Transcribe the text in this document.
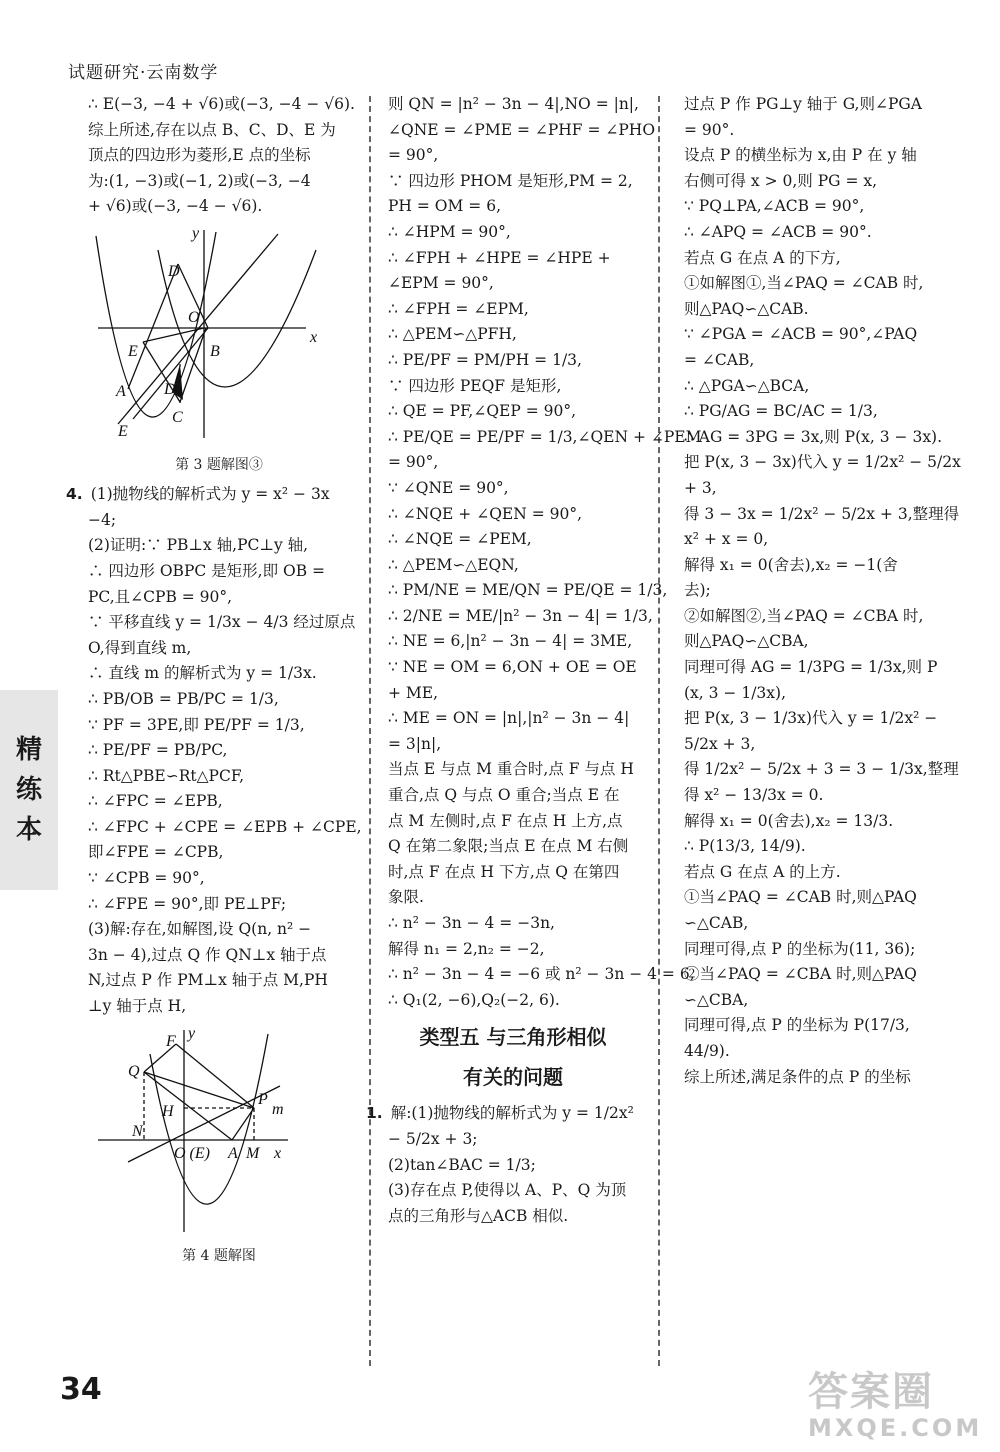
试题研究·云南数学
∴ E(−3, −4 + √6)或(−3, −4 − √6).
综上所述,存在以点 B、C、D、E 为
顶点的四边形为菱形,E 点的坐标
为:(1, −3)或(−1, 2)或(−3, −4
+ √6)或(−3, −4 − √6).
y
x
D
O
E	B
A D
C
E
第 3 题解图③
4. (1)抛物线的解析式为 y = x² − 3x
−4;
(2)证明:∵ PB⊥x 轴,PC⊥y 轴,
∴ 四边形 OBPC 是矩形,即 OB =
PC,且∠CPB = 90°,
∵ 平移直线 y = 1/3x − 4/3 经过原点
O,得到直线 m,
∴ 直线 m 的解析式为 y = 1/3x.
∴ PB/OB = PB/PC = 1/3,
∵ PF = 3PE,即 PE/PF = 1/3,
∴ PE/PF = PB/PC,
∴ Rt△PBE∽Rt△PCF,
∴ ∠FPC = ∠EPB,
∴ ∠FPC + ∠CPE = ∠EPB + ∠CPE,
即∠FPE = ∠CPB,
∵ ∠CPB = 90°,
∴ ∠FPE = 90°,即 PE⊥PF;
(3)解:存在,如解图,设 Q(n, n² −
3n − 4),过点 Q 作 QN⊥x 轴于点
N,过点 P 作 PM⊥x 轴于点 M,PH
⊥y 轴于点 H,
y
F
Q
H
P
m
N
O (E) A M x
第 4 题解图
则 QN = |n² − 3n − 4|,NO = |n|,
∠QNE = ∠PME = ∠PHF = ∠PHO
= 90°,
∵ 四边形 PHOM 是矩形,PM = 2,
PH = OM = 6,
∴ ∠HPM = 90°,
∴ ∠FPH + ∠HPE = ∠HPE +
∠EPM = 90°,
∴ ∠FPH = ∠EPM,
∴ △PEM∽△PFH,
∴ PE/PF = PM/PH = 1/3,
∵ 四边形 PEQF 是矩形,
∴ QE = PF,∠QEP = 90°,
∴ PE/QE = PE/PF = 1/3,∠QEN + ∠PEM
= 90°,
∵ ∠QNE = 90°,
∴ ∠NQE + ∠QEN = 90°,
∴ ∠NQE = ∠PEM,
∴ △PEM∽△EQN,
∴ PM/NE = ME/QN = PE/QE = 1/3,
∴ 2/NE = ME/|n² − 3n − 4| = 1/3,
∴ NE = 6,|n² − 3n − 4| = 3ME,
∵ NE = OM = 6,ON + OE = OE
+ ME,
∴ ME = ON = |n|,|n² − 3n − 4|
= 3|n|,
当点 E 与点 M 重合时,点 F 与点 H
重合,点 Q 与点 O 重合;当点 E 在
点 M 左侧时,点 F 在点 H 上方,点
Q 在第二象限;当点 E 在点 M 右侧
时,点 F 在点 H 下方,点 Q 在第四
象限.
∴ n² − 3n − 4 = −3n,
解得 n₁ = 2,n₂ = −2,
∴ n² − 3n − 4 = −6 或 n² − 3n − 4 = 6,
∴ Q₁(2, −6),Q₂(−2, 6).
类型五 与三角形相似
有关的问题
1. 解:(1)抛物线的解析式为 y = 1/2x²
− 5/2x + 3;
(2)tan∠BAC = 1/3;
(3)存在点 P,使得以 A、P、Q 为顶
点的三角形与△ACB 相似.
过点 P 作 PG⊥y 轴于 G,则∠PGA
= 90°.
设点 P 的横坐标为 x,由 P 在 y 轴
右侧可得 x > 0,则 PG = x,
∵ PQ⊥PA,∠ACB = 90°,
∴ ∠APQ = ∠ACB = 90°.
若点 G 在点 A 的下方,
①如解图①,当∠PAQ = ∠CAB 时,
则△PAQ∽△CAB.
∵ ∠PGA = ∠ACB = 90°,∠PAQ
= ∠CAB,
∴ △PGA∽△BCA,
∴ PG/AG = BC/AC = 1/3,
∴ AG = 3PG = 3x,则 P(x, 3 − 3x).
把 P(x, 3 − 3x)代入 y = 1/2x² − 5/2x
+ 3,
得 3 − 3x = 1/2x² − 5/2x + 3,整理得
x² + x = 0,
解得 x₁ = 0(舍去),x₂ = −1(舍
去);
②如解图②,当∠PAQ = ∠CBA 时,
则△PAQ∽△CBA,
同理可得 AG = 1/3PG = 1/3x,则 P
(x, 3 − 1/3x),
把 P(x, 3 − 1/3x)代入 y = 1/2x² −
5/2x + 3,
得 1/2x² − 5/2x + 3 = 3 − 1/3x,整理
得 x² − 13/3x = 0.
解得 x₁ = 0(舍去),x₂ = 13/3.
∴ P(13/3, 14/9).
若点 G 在点 A 的上方.
①当∠PAQ = ∠CAB 时,则△PAQ
∽△CAB,
同理可得,点 P 的坐标为(11, 36);
②当∠PAQ = ∠CBA 时,则△PAQ
∽△CBA,
同理可得,点 P 的坐标为 P(17/3,
44/9).
综上所述,满足条件的点 P 的坐标
精
练
本
34	答案圈
MXQE.COM
